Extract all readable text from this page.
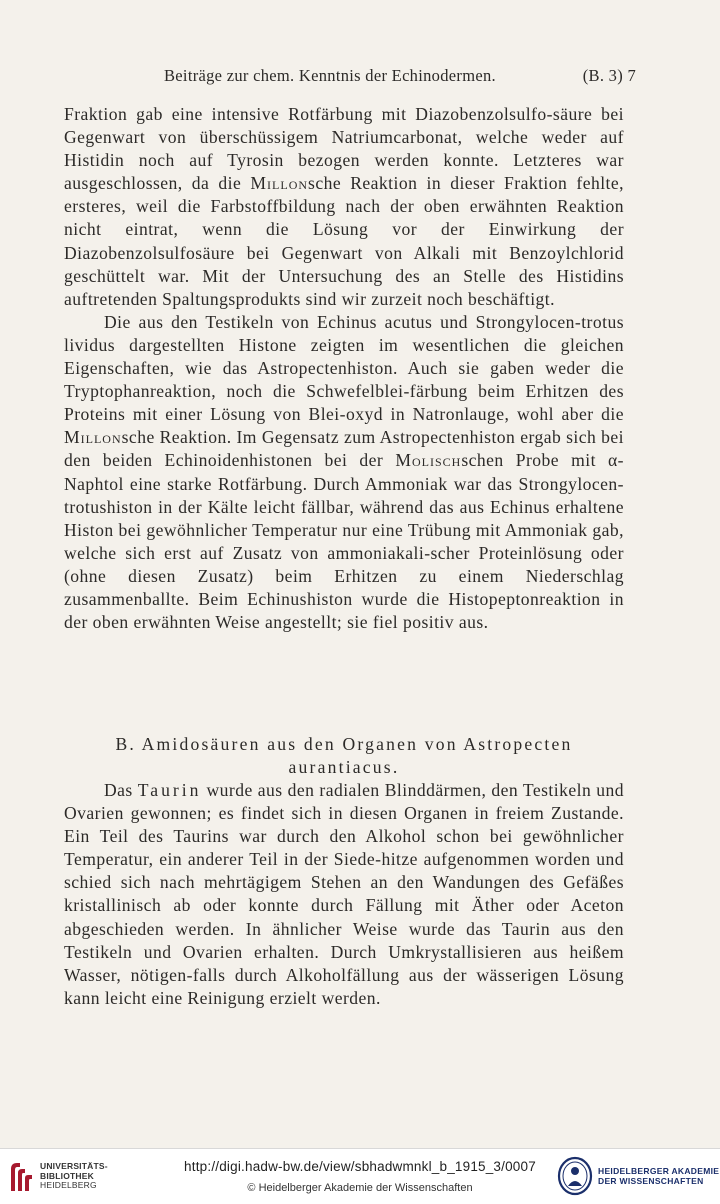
Beiträge zur chem. Kenntnis der Echinodermen.	(B. 3) 7

Fraktion gab eine intensive Rotfärbung mit Diazobenzolsulfo-säure bei Gegenwart von überschüssigem Natriumcarbonat, welche weder auf Histidin noch auf Tyrosin bezogen werden konnte. Letzteres war ausgeschlossen, da die Millonsche Reaktion in dieser Fraktion fehlte, ersteres, weil die Farbstoffbildung nach der oben erwähnten Reaktion nicht eintrat, wenn die Lösung vor der Einwirkung der Diazobenzolsulfosäure bei Gegenwart von Alkali mit Benzoylchlorid geschüttelt war. Mit der Untersuchung des an Stelle des Histidins auftretenden Spaltungsprodukts sind wir zurzeit noch beschäftigt.

Die aus den Testikeln von Echinus acutus und Strongylocen-trotus lividus dargestellten Histone zeigten im wesentlichen die gleichen Eigenschaften, wie das Astropectenhiston. Auch sie gaben weder die Tryptophanreaktion, noch die Schwefelblei-färbung beim Erhitzen des Proteins mit einer Lösung von Blei-oxyd in Natronlauge, wohl aber die Millonsche Reaktion. Im Gegensatz zum Astropectenhiston ergab sich bei den beiden Echinoidenhistonen bei der Molischschen Probe mit α-Naphtol eine starke Rotfärbung. Durch Ammoniak war das Strongylocen-trotushiston in der Kälte leicht fällbar, während das aus Echinus erhaltene Histon bei gewöhnlicher Temperatur nur eine Trübung mit Ammoniak gab, welche sich erst auf Zusatz von ammoniakali-scher Proteinlösung oder (ohne diesen Zusatz) beim Erhitzen zu einem Niederschlag zusammenballte. Beim Echinushiston wurde die Histopeptonreaktion in der oben erwähnten Weise angestellt; sie fiel positiv aus.

B. Amidosäuren aus den Organen von Astropecten
aurantiacus.

Das Taurin wurde aus den radialen Blinddärmen, den Testikeln und Ovarien gewonnen; es findet sich in diesen Organen in freiem Zustande. Ein Teil des Taurins war durch den Alkohol schon bei gewöhnlicher Temperatur, ein anderer Teil in der Siede-hitze aufgenommen worden und schied sich nach mehrtägigem Stehen an den Wandungen des Gefäßes kristallinisch ab oder konnte durch Fällung mit Äther oder Aceton abgeschieden werden. In ähnlicher Weise wurde das Taurin aus den Testikeln und Ovarien erhalten. Durch Umkrystallisieren aus heißem Wasser, nötigen-falls durch Alkoholfällung aus der wässerigen Lösung kann leicht eine Reinigung erzielt werden.

UNIVERSITÄTS-
BIBLIOTHEK
HEIDELBERG
http://digi.hadw-bw.de/view/sbhadwmnkl_b_1915_3/0007
© Heidelberger Akademie der Wissenschaften
HEIDELBERGER AKADEMIE
DER WISSENSCHAFTEN
